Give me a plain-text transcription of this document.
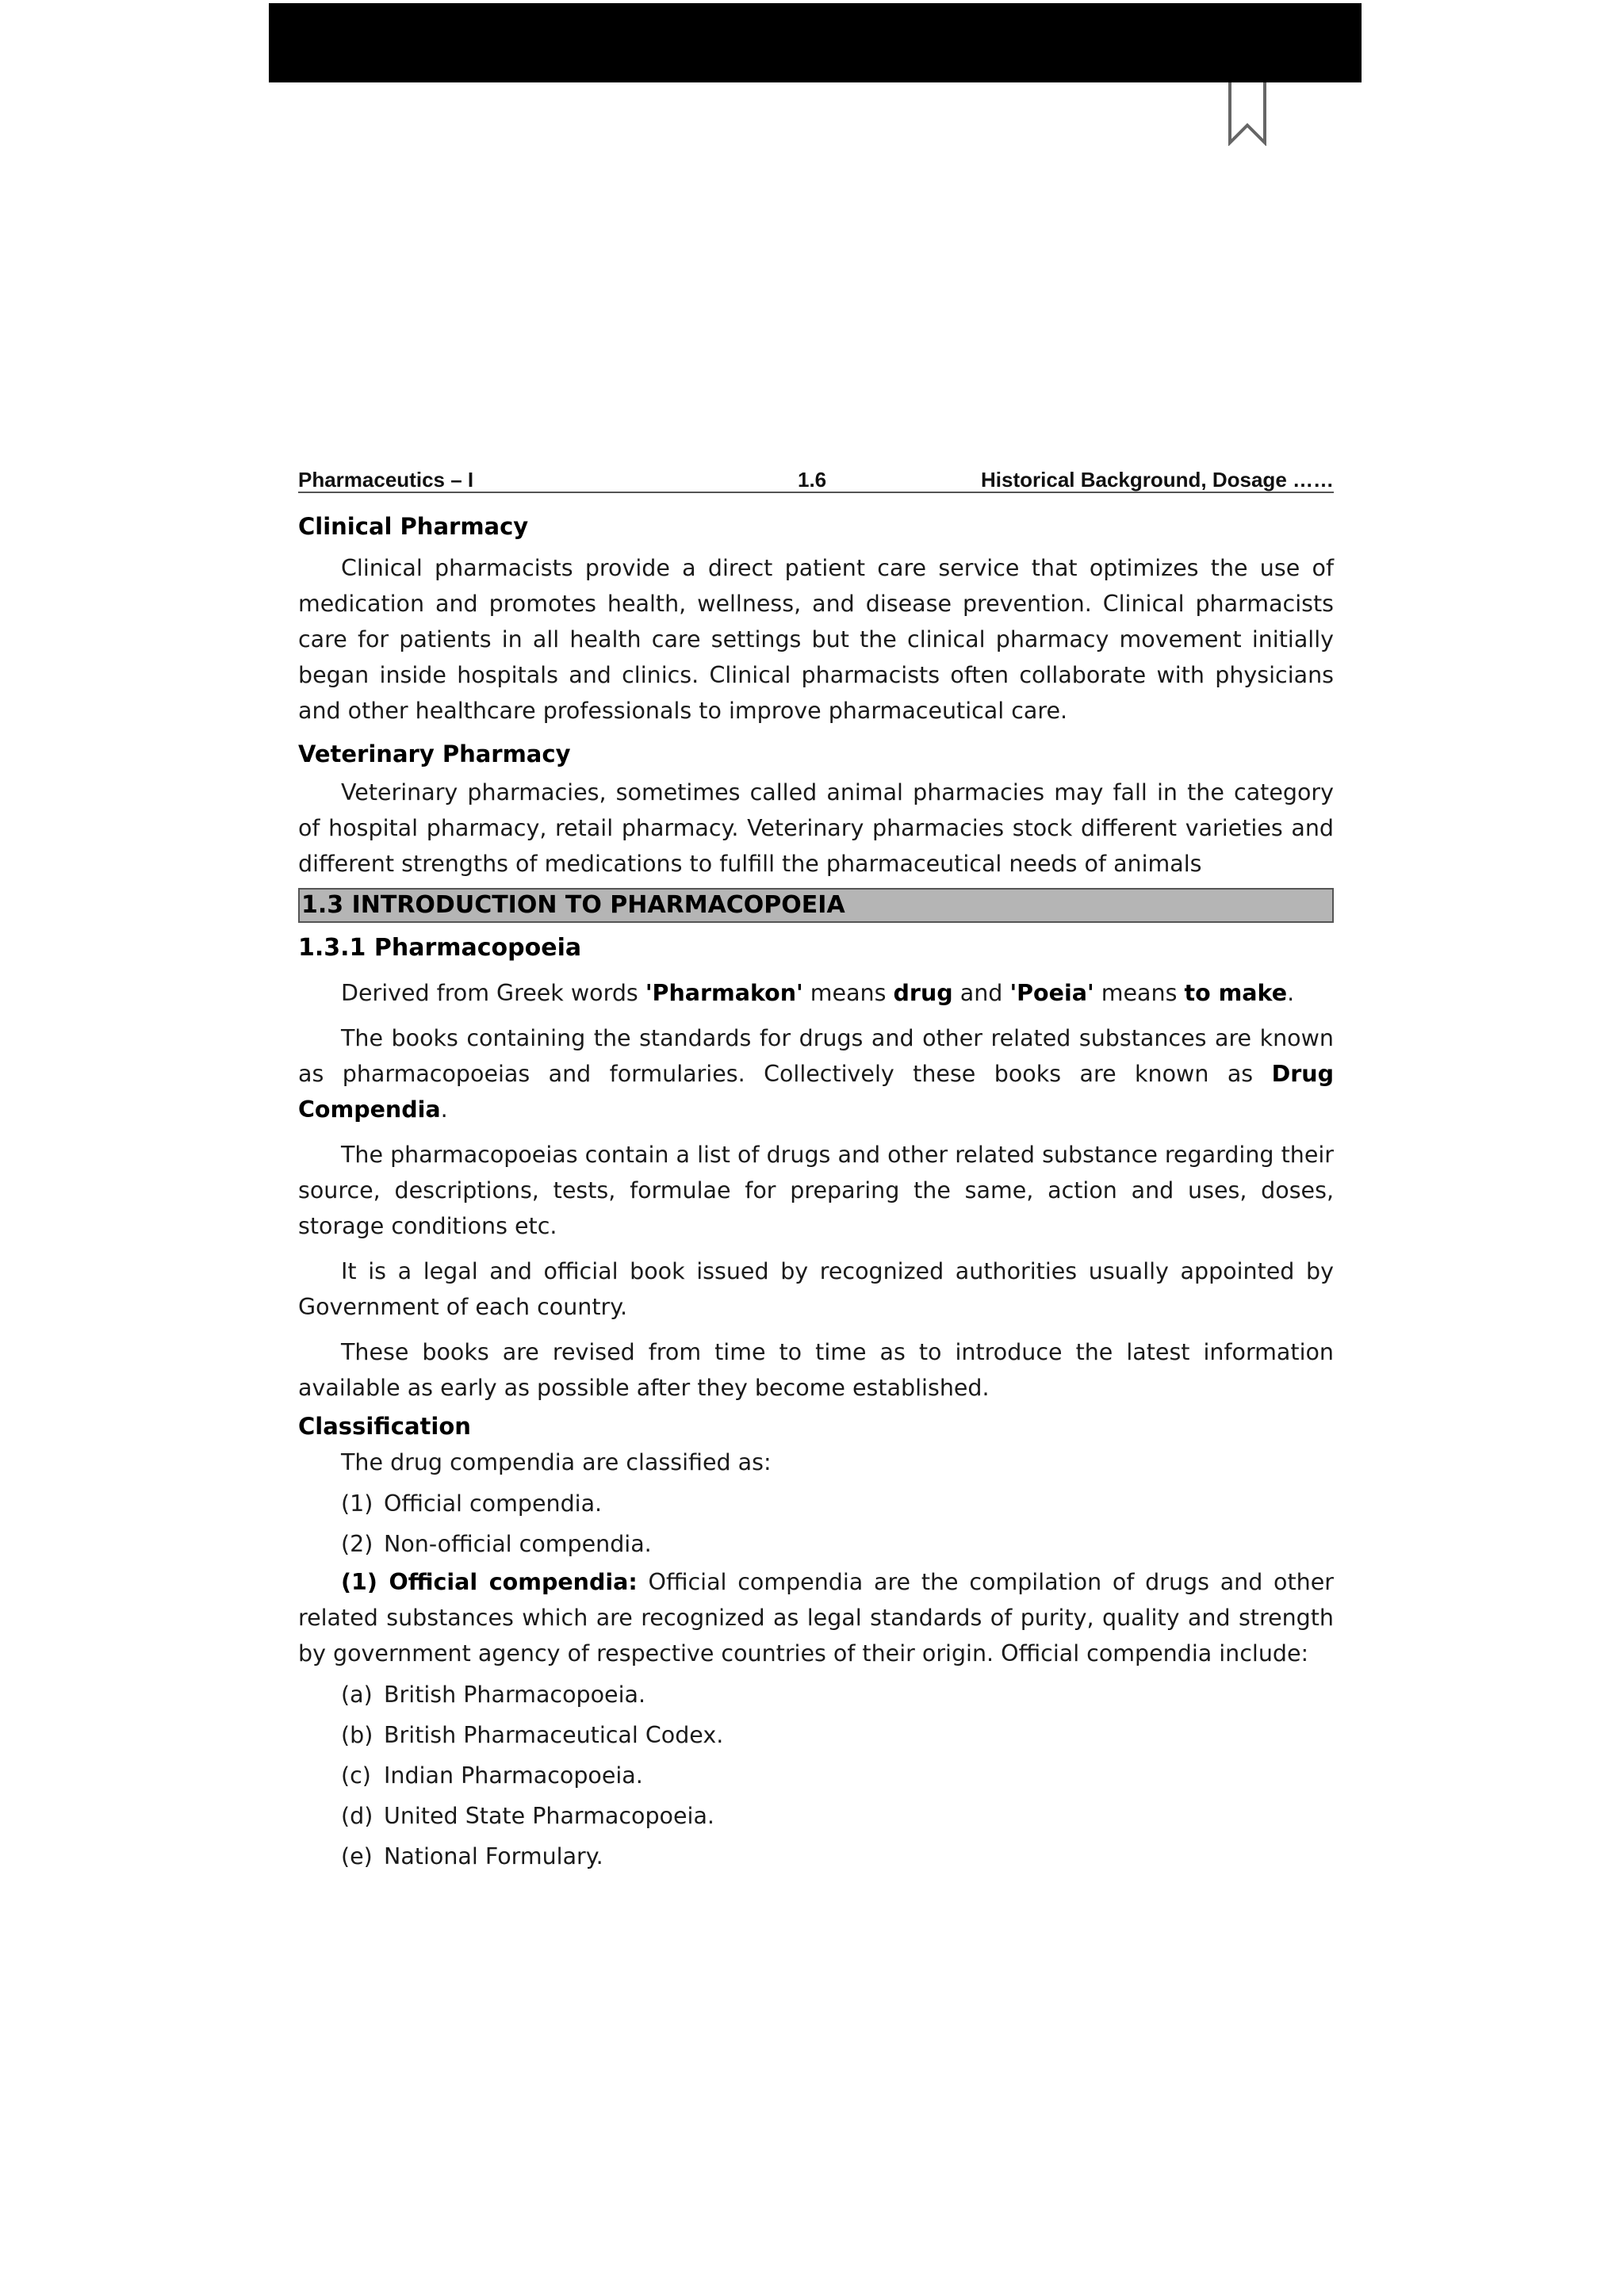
Pharmaceutics – I	1.6	Historical Background, Dosage ……
Clinical Pharmacy

Clinical pharmacists provide a direct patient care service that optimizes the use of medication and promotes health, wellness, and disease prevention. Clinical pharmacists care for patients in all health care settings but the clinical pharmacy movement initially began inside hospitals and clinics. Clinical pharmacists often collaborate with physicians and other healthcare professionals to improve pharmaceutical care.

Veterinary Pharmacy

Veterinary pharmacies, sometimes called animal pharmacies may fall in the category of hospital pharmacy, retail pharmacy. Veterinary pharmacies stock different varieties and different strengths of medications to fulfill the pharmaceutical needs of animals

1.3 INTRODUCTION TO PHARMACOPOEIA
1.3.1 Pharmacopoeia

Derived from Greek words 'Pharmakon' means drug and 'Poeia' means to make.

The books containing the standards for drugs and other related substances are known as pharmacopoeias and formularies. Collectively these books are known as Drug Compendia.

The pharmacopoeias contain a list of drugs and other related substance regarding their source, descriptions, tests, formulae for preparing the same, action and uses, doses, storage conditions etc.

It is a legal and official book issued by recognized authorities usually appointed by Government of each country.

These books are revised from time to time as to introduce the latest information available as early as possible after they become established.

Classification
The drug compendia are classified as:
(1) Official compendia.
(2) Non-official compendia.

(1) Official compendia: Official compendia are the compilation of drugs and other related substances which are recognized as legal standards of purity, quality and strength by government agency of respective countries of their origin. Official compendia include:

(a) British Pharmacopoeia.
(b) British Pharmaceutical Codex.
(c) Indian Pharmacopoeia.
(d) United State Pharmacopoeia.
(e) National Formulary.
